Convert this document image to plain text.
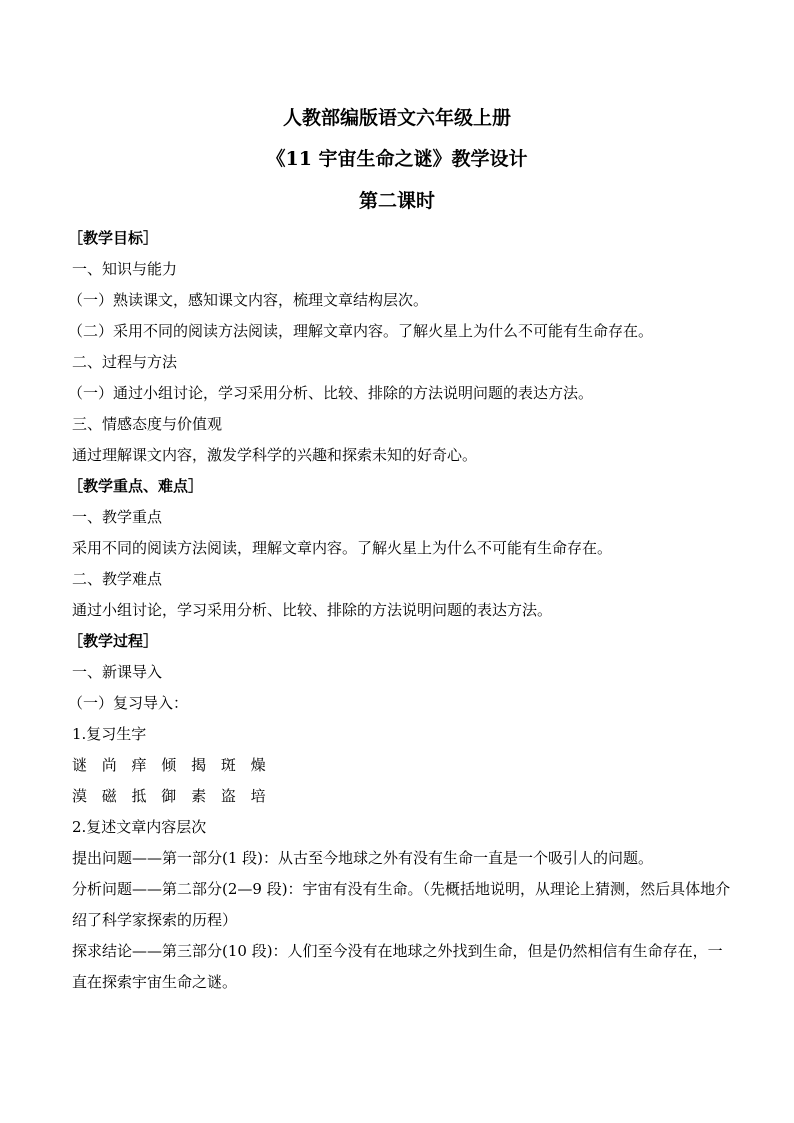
人教部编版语文六年级上册
《11 宇宙生命之谜》教学设计
第二课时
［教学目标］
一、知识与能力
（一）熟读课文，感知课文内容，梳理文章结构层次。
（二）采用不同的阅读方法阅读，理解文章内容。了解火星上为什么不可能有生命存在。
二、过程与方法
（一）通过小组讨论，学习采用分析、比较、排除的方法说明问题的表达方法。
三、情感态度与价值观
通过理解课文内容，激发学科学的兴趣和探索未知的好奇心。
［教学重点、难点］
一、教学重点
采用不同的阅读方法阅读，理解文章内容。了解火星上为什么不可能有生命存在。
二、教学难点
通过小组讨论，学习采用分析、比较、排除的方法说明问题的表达方法。
［教学过程］
一、新课导入
（一）复习导入：
1.复习生字
谜 尚 痒 倾 揭 斑 燥
漠 磁 抵 御 素 盗 培
2.复述文章内容层次
提出问题——第一部分(1 段)：从古至今地球之外有没有生命一直是一个吸引人的问题。
分析问题——第二部分(2—9 段)：宇宙有没有生命。（先概括地说明，从理论上猜测，然后具体地介绍了科学家探索的历程）
探求结论——第三部分(10 段)：人们至今没有在地球之外找到生命，但是仍然相信有生命存在，一直在探索宇宙生命之谜。
